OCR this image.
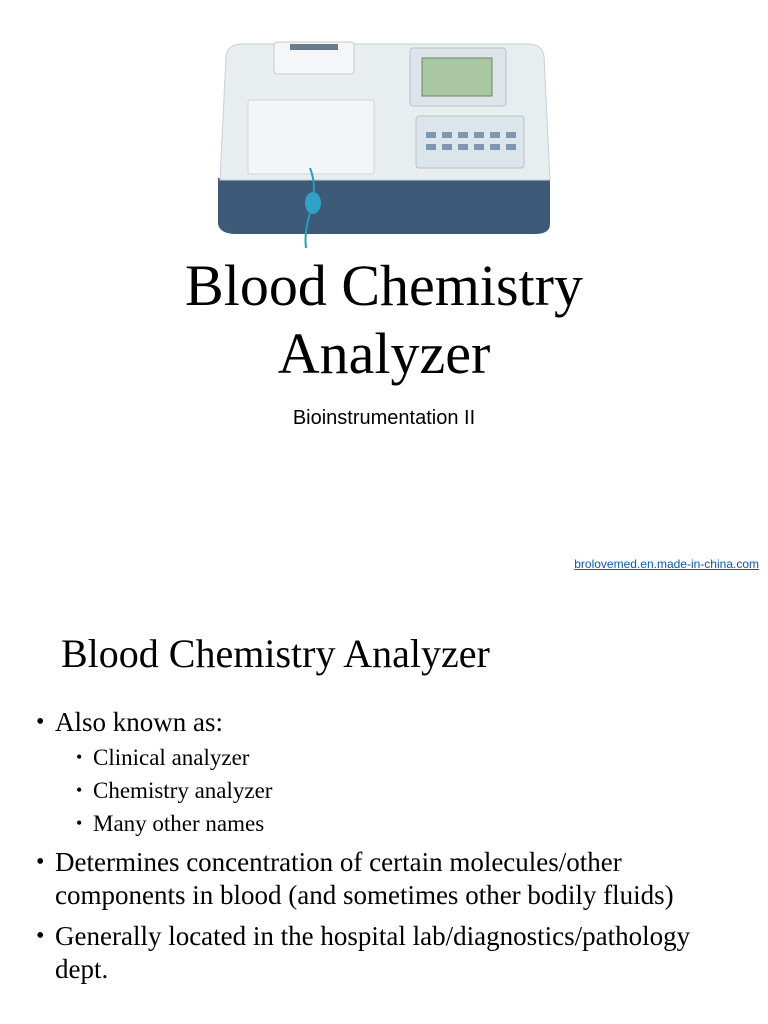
Blood Chemistry
Analyzer
Bioinstrumentation II
brolovemed.en.made-in-china.com
Blood Chemistry Analyzer
• Also known as:
• Clinical analyzer
• Chemistry analyzer
• Many other names
• Determines concentration of certain molecules/other components in blood (and sometimes other bodily fluids)
• Generally located in the hospital lab/diagnostics/pathology dept.
